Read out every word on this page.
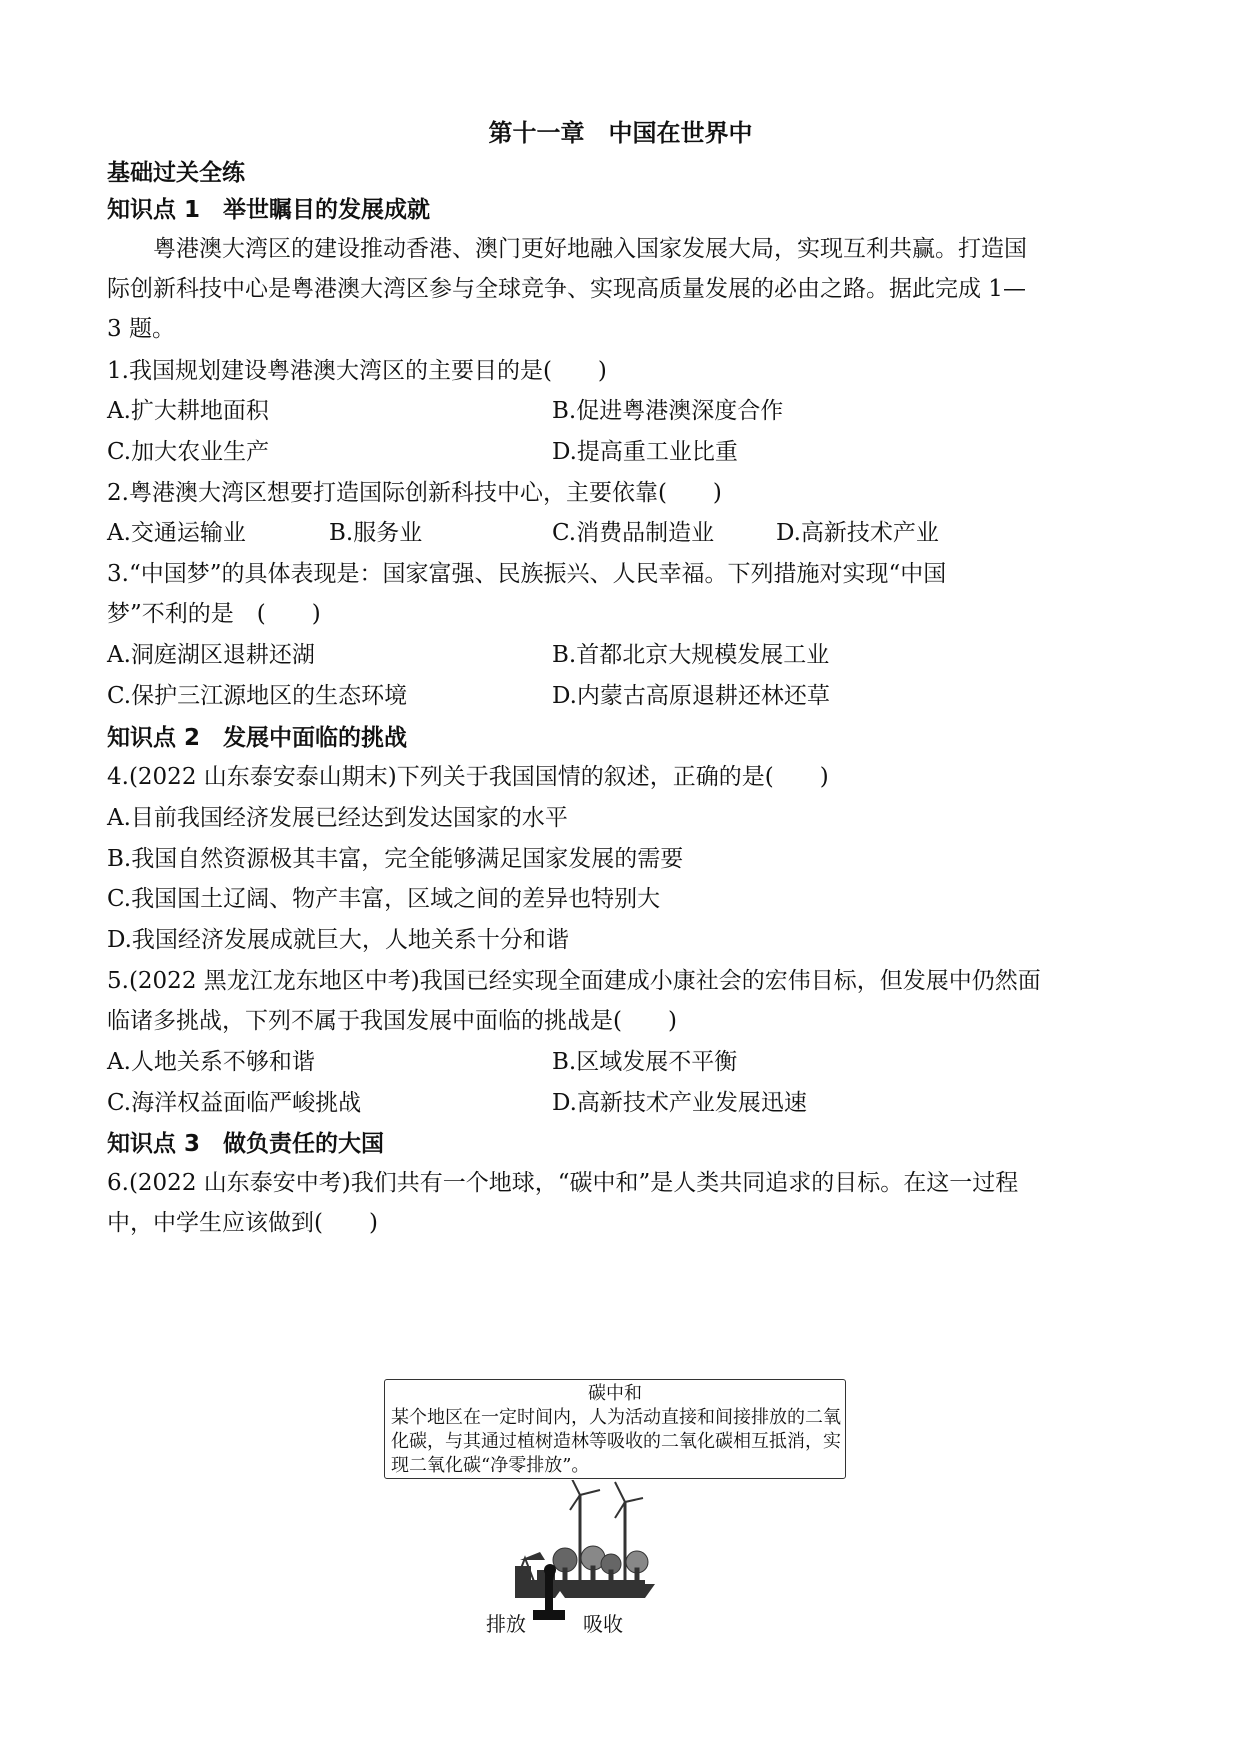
第十一章　中国在世界中
基础过关全练
知识点 1　举世瞩目的发展成就
粤港澳大湾区的建设推动香港、澳门更好地融入国家发展大局，实现互利共赢。打造国
际创新科技中心是粤港澳大湾区参与全球竞争、实现高质量发展的必由之路。据此完成 1—
3 题。
1.我国规划建设粤港澳大湾区的主要目的是(　　)
A.扩大耕地面积	B.促进粤港澳深度合作
C.加大农业生产	D.提高重工业比重
2.粤港澳大湾区想要打造国际创新科技中心，主要依靠(　　)
A.交通运输业	B.服务业	C.消费品制造业	D.高新技术产业
3.“中国梦”的具体表现是：国家富强、民族振兴、人民幸福。下列措施对实现“中国
梦”不利的是　(　　)
A.洞庭湖区退耕还湖	B.首都北京大规模发展工业
C.保护三江源地区的生态环境	D.内蒙古高原退耕还林还草
知识点 2　发展中面临的挑战
4.(2022 山东泰安泰山期末)下列关于我国国情的叙述，正确的是(　　)
A.目前我国经济发展已经达到发达国家的水平
B.我国自然资源极其丰富，完全能够满足国家发展的需要
C.我国国土辽阔、物产丰富，区域之间的差异也特别大
D.我国经济发展成就巨大，人地关系十分和谐
5.(2022 黑龙江龙东地区中考)我国已经实现全面建成小康社会的宏伟目标，但发展中仍然面
临诸多挑战，下列不属于我国发展中面临的挑战是(　　)
A.人地关系不够和谐	B.区域发展不平衡
C.海洋权益面临严峻挑战	D.高新技术产业发展迅速
知识点 3　做负责任的大国
6.(2022 山东泰安中考)我们共有一个地球，“碳中和”是人类共同追求的目标。在这一过程
中，中学生应该做到(　　)
碳中和
某个地区在一定时间内，人为活动直接和间接排放的二氧化碳，与其通过植树造林等吸收的二氧化碳相互抵消，实现二氧化碳“净零排放”。
排放	吸收
